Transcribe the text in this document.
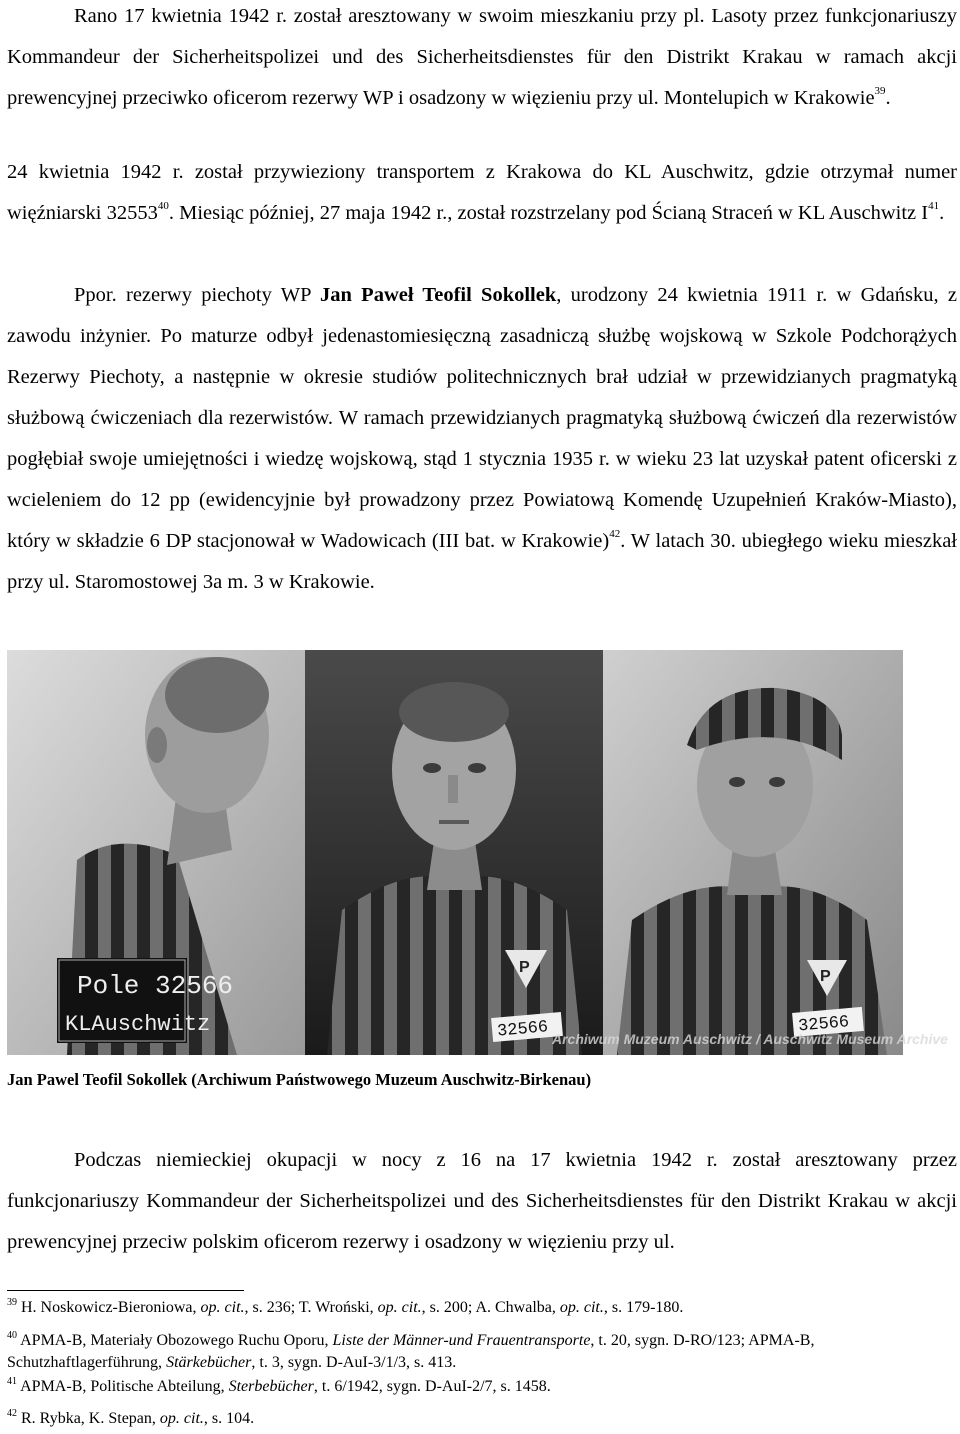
Rano 17 kwietnia 1942 r. został aresztowany w swoim mieszkaniu przy pl. Lasoty przez funkcjonariuszy Kommandeur der Sicherheitspolizei und des Sicherheitsdienstes für den Distrikt Krakau w ramach akcji prewencyjnej przeciwko oficerom rezerwy WP i osadzony w więzieniu przy ul. Montelupich w Krakowie$^{39}$.

24 kwietnia 1942 r. został przywieziony transportem z Krakowa do KL Auschwitz, gdzie otrzymał numer więźniarski 32553$^{40}$. Miesiąc później, 27 maja 1942 r., został rozstrzelany pod Ścianą Straceń w KL Auschwitz $I^{41}$.

Ppor. rezerwy piechoty WP Jan Paweł Teofil Sokollek, urodzony 24 kwietnia 1911 r. w Gdańsku, z zawodu inżynier. Po maturze odbył jedenastomiesięczną zasadniczą służbę wojskową w Szkole Podchorążych Rezerwy Piechoty, a następnie w okresie studiów politechnicznych brał udział w przewidzianych pragmatyką służbową ćwiczeniach dla rezerwistów. W ramach przewidzianych pragmatyką służbową ćwiczeń dla rezerwistów pogłębiał swoje umiejętności i wiedzę wojskową, stąd 1 stycznia 1935 r. w wieku 23 lat uzyskał patent oficerski z wcieleniem do 12 pp (ewidencyjnie był prowadzony przez Powiatową Komendę Uzupełnień Kraków-Miasto), który w składzie 6 DP stacjonował w Wadowicach (III bat. w Krakowie)$^{42}$. W latach 30. ubiegłego wieku mieszkał przy ul. Staromostowej 3a m. 3 w Krakowie.

Pole 32566
KLAuschwitz
P
32566
P
32566
Archiwum Muzeum Auschwitz / Auschwitz Museum Archive

Jan Pawel Teofil Sokollek (Archiwum Państwowego Muzeum Auschwitz-Birkenau)

Podczas niemieckiej okupacji w nocy z 16 na 17 kwietnia 1942 r. został aresztowany przez funkcjonariuszy Kommandeur der Sicherheitspolizei und des Sicherheitsdienstes für den Distrikt Krakau w akcji prewencyjnej przeciw polskim oficerom rezerwy i osadzony w więzieniu przy ul.

$^{39}$ H. Noskowicz-Bieroniowa, op. cit., s. 236; T. Wroński, op. cit., s. 200; A. Chwalba, op. cit., s. 179-180.

$^{40}$ APMA-B, Materiały Obozowego Ruchu Oporu, Liste der Männer-und Frauentransporte, t. 20, sygn. D-RO/123; APMA-B, Schutzhaftlagerführung, Stärkebücher, t. 3, sygn. D-AuI-3/1/3, s. 413.

$^{41}$ APMA-B, Politische Abteilung, Sterbebücher, t. 6/1942, sygn. D-AuI-2/7, s. 1458.

$^{42}$ R. Rybka, K. Stepan, op. cit., s. 104.
